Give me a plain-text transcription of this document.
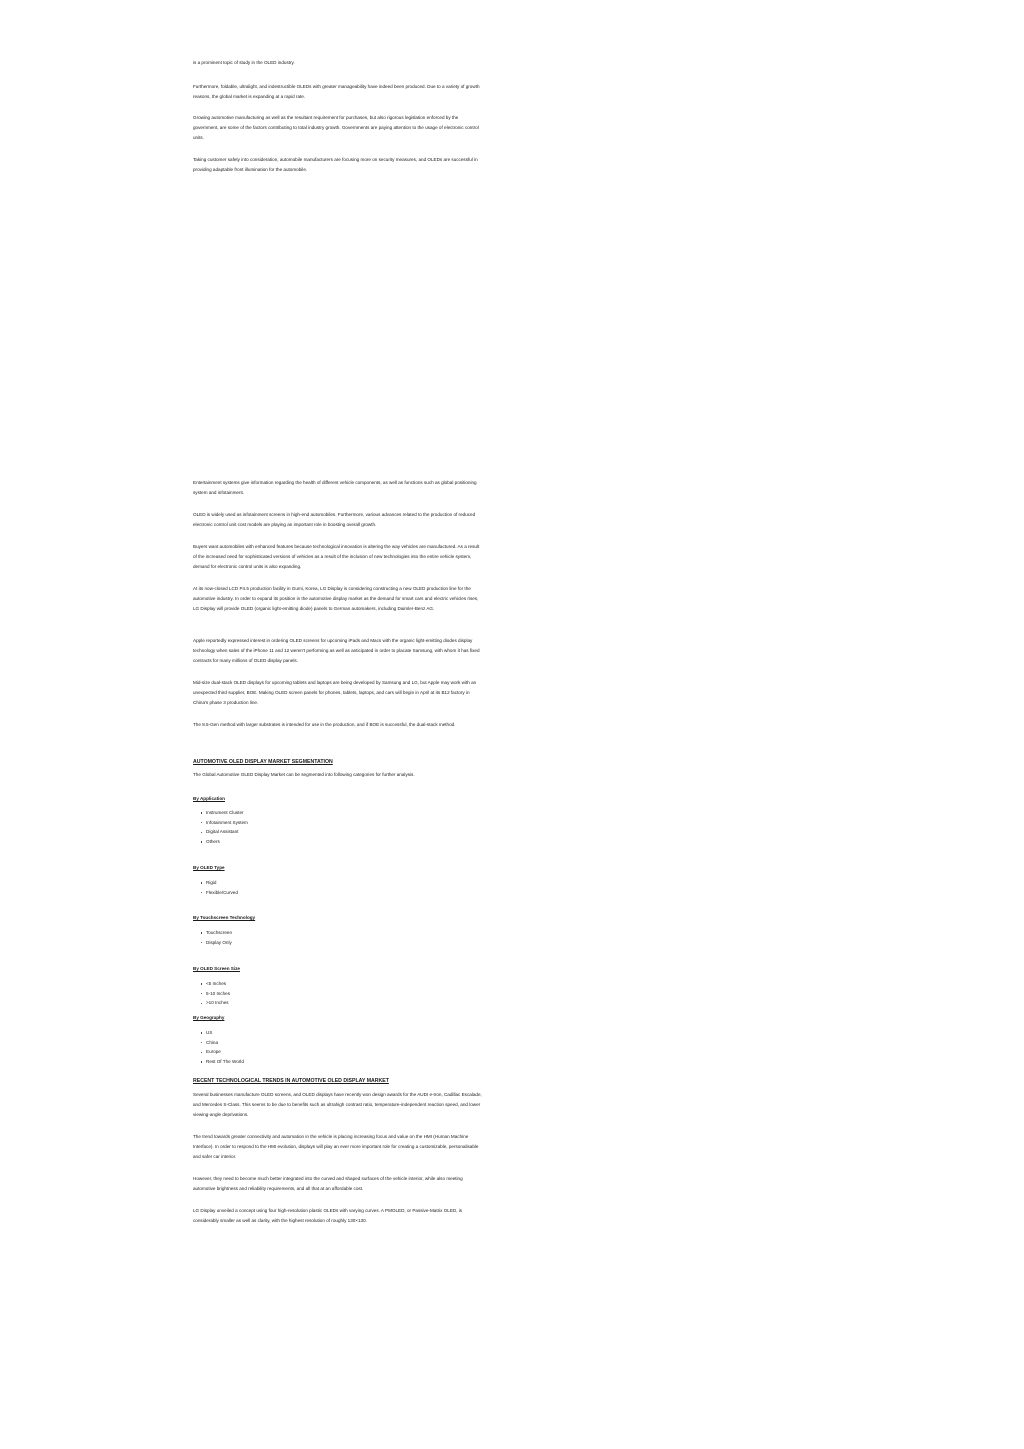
is a prominent topic of study in the OLED industry.

Furthermore, foldable, ultralight, and indestructible OLEDs with greater manageability have indeed been produced. Due to a variety of growth reasons, the global market is expanding at a rapid rate.

Growing automotive manufacturing as well as the resultant requirement for purchases, but also rigorous legislation enforced by the government, are some of the factors contributing to total industry growth. Governments are paying attention to the usage of electronic control units.

Taking customer safety into consideration, automobile manufacturers are focusing more on security measures, and OLEDs are successful in providing adaptable front illumination for the automobile.

Entertainment systems give information regarding the health of different vehicle components, as well as functions such as global positioning system and infotainment.

OLED is widely used as infotainment screens in high-end automobiles. Furthermore, various advances related to the production of reduced electronic control unit cost models are playing an important role in boosting overall growth.

Buyers want automobiles with enhanced features because technological innovation is altering the way vehicles are manufactured. As a result of the increased need for sophisticated versions of vehicles as a result of the inclusion of new technologies into the entire vehicle system, demand for electronic control units is also expanding.

At its now-closed LCD P4.5 production facility in Gumi, Korea, LG Display is considering constructing a new OLED production line for the automotive industry. In order to expand its position in the automotive display market as the demand for smart cars and electric vehicles rises, LG Display will provide OLED (organic light-emitting diode) panels to German automakers, including Daimler-Benz AG.

Apple reportedly expressed interest in ordering OLED screens for upcoming iPads and Macs with the organic light-emitting diodes display technology when sales of the iPhone 11 and 12 weren't performing as well as anticipated in order to placate Samsung, with whom it has fixed contracts for many millions of OLED display panels.

Mid-size dual-stack OLED displays for upcoming tablets and laptops are being developed by Samsung and LG, but Apple may work with an unexpected third supplier, BOE. Making OLED screen panels for phones, tablets, laptops, and cars will begin in April at its B12 factory in China's phase 3 production line.

The 8.5-Gen method with larger substrates is intended for use in the production, and if BOE is successful, the dual-stack method.

AUTOMOTIVE OLED DISPLAY MARKET SEGMENTATION

The Global Automotive OLED Display Market can be segmented into following categories for further analysis.

By Application
Instrument Cluster
Infotainment System
Digital Assistant
Others
By OLED Type
Rigid
Flexible/Curved
By Touchscreen Technology
Touchscreen
Display Only
By OLED Screen Size
<5 Inches
5-10 Inches
>10 Inches
By Geography
US
China
Europe
Rest Of The World
RECENT TECHNOLOGICAL TRENDS IN AUTOMOTIVE OLED DISPLAY MARKET

Several businesses manufacture OLED screens, and OLED displays have recently won design awards for the AUDI e-tron, Cadillac Escalade, and Mercedes S-Class. This seems to be due to benefits such as ultrahigh contrast ratio, temperature-independent reaction speed, and lower viewing-angle deprivations.

The trend towards greater connectivity and automation in the vehicle is placing increasing focus and value on the HMI (Human Machine Interface). In order to respond to the HMI evolution, displays will play an ever more important role for creating a customizable, personalisable and safer car interior.

However, they need to become much better integrated into the curved and shaped surfaces of the vehicle interior, while also meeting automotive brightness and reliability requirements, and all that at an affordable cost.

LG Display unveiled a concept using four high-resolution plastic OLEDs with varying curves. A PMOLED, or Passive-Matrix OLED, is considerably smaller as well as clarity, with the highest resolution of roughly 130×130.
